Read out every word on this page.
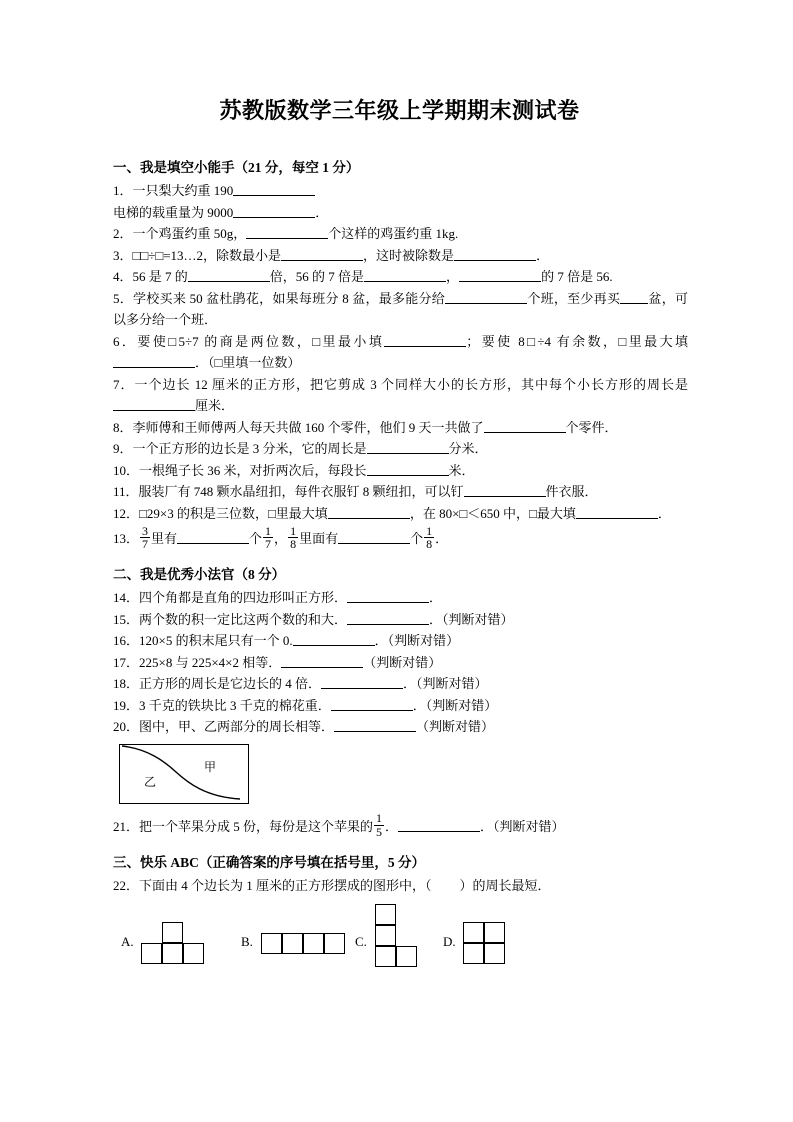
苏教版数学三年级上学期期末测试卷
一、我是填空小能手（21 分，每空 1 分）
1．一只梨大约重 190
电梯的载重量为 9000	．
2．一个鸡蛋约重 50g，	个这样的鸡蛋约重 1kg.
3．□□÷□=13…2，除数最小是	，这时被除数是	．
4．56 是 7 的	倍，56 的 7 倍是	，	的 7 倍是 56.
5．学校买来 50 盆杜鹃花，如果每班分 8 盆，最多能分给	个班，至少再买 盆，可以多分给一个班．
6．要使□5÷7 的商是两位数，□里最小填	；要使 8□÷4 有余数，□里最大填．（□里填一位数）
7．一个边长 12 厘米的正方形，把它剪成 3 个同样大小的长方形，其中每个小长方形的周长是厘米．
8．李师傅和王师傅两人每天共做 160 个零件，他们 9 天一共做了	个零件．
9．一个正方形的边长是 3 分米，它的周长是	分米．
10．一根绳子长 36 米，对折两次后，每段长	米．
11．服装厂有 748 颗水晶纽扣，每件衣服钉 8 颗纽扣，可以钉	件衣服．
12．□29×3 的积是三位数，□里最大填	，在 80×□＜650 中，□最大填	．
13． $\frac{3}{7}$ 里有	个 $\frac{1}{7}$ ， $\frac{1}{8}$ 里面有	个 $\frac{1}{8}$ ．
二、我是优秀小法官（8 分）
14．四个角都是直角的四边形叫正方形．	．
15．两个数的积一定比这两个数的和大．	．（判断对错）
16．120×5 的积末尾只有一个 0.	．（判断对错）
17．225×8 与 225×4×2 相等．	（判断对错）
18．正方形的周长是它边长的 4 倍．	．（判断对错）
19．3 千克的铁块比 3 千克的棉花重．	．（判断对错）
20．图中，甲、乙两部分的周长相等．	（判断对错）
乙
甲
21．把一个苹果分成 5 份，每份是这个苹果的 $\frac{1}{5}$ ．	．（判断对错）
三、快乐 ABC（正确答案的序号填在括号里，5 分）
22．下面由 4 个边长为 1 厘米的正方形摆成的图形中，（ ）的周长最短．
A.	B.	C.	D.
